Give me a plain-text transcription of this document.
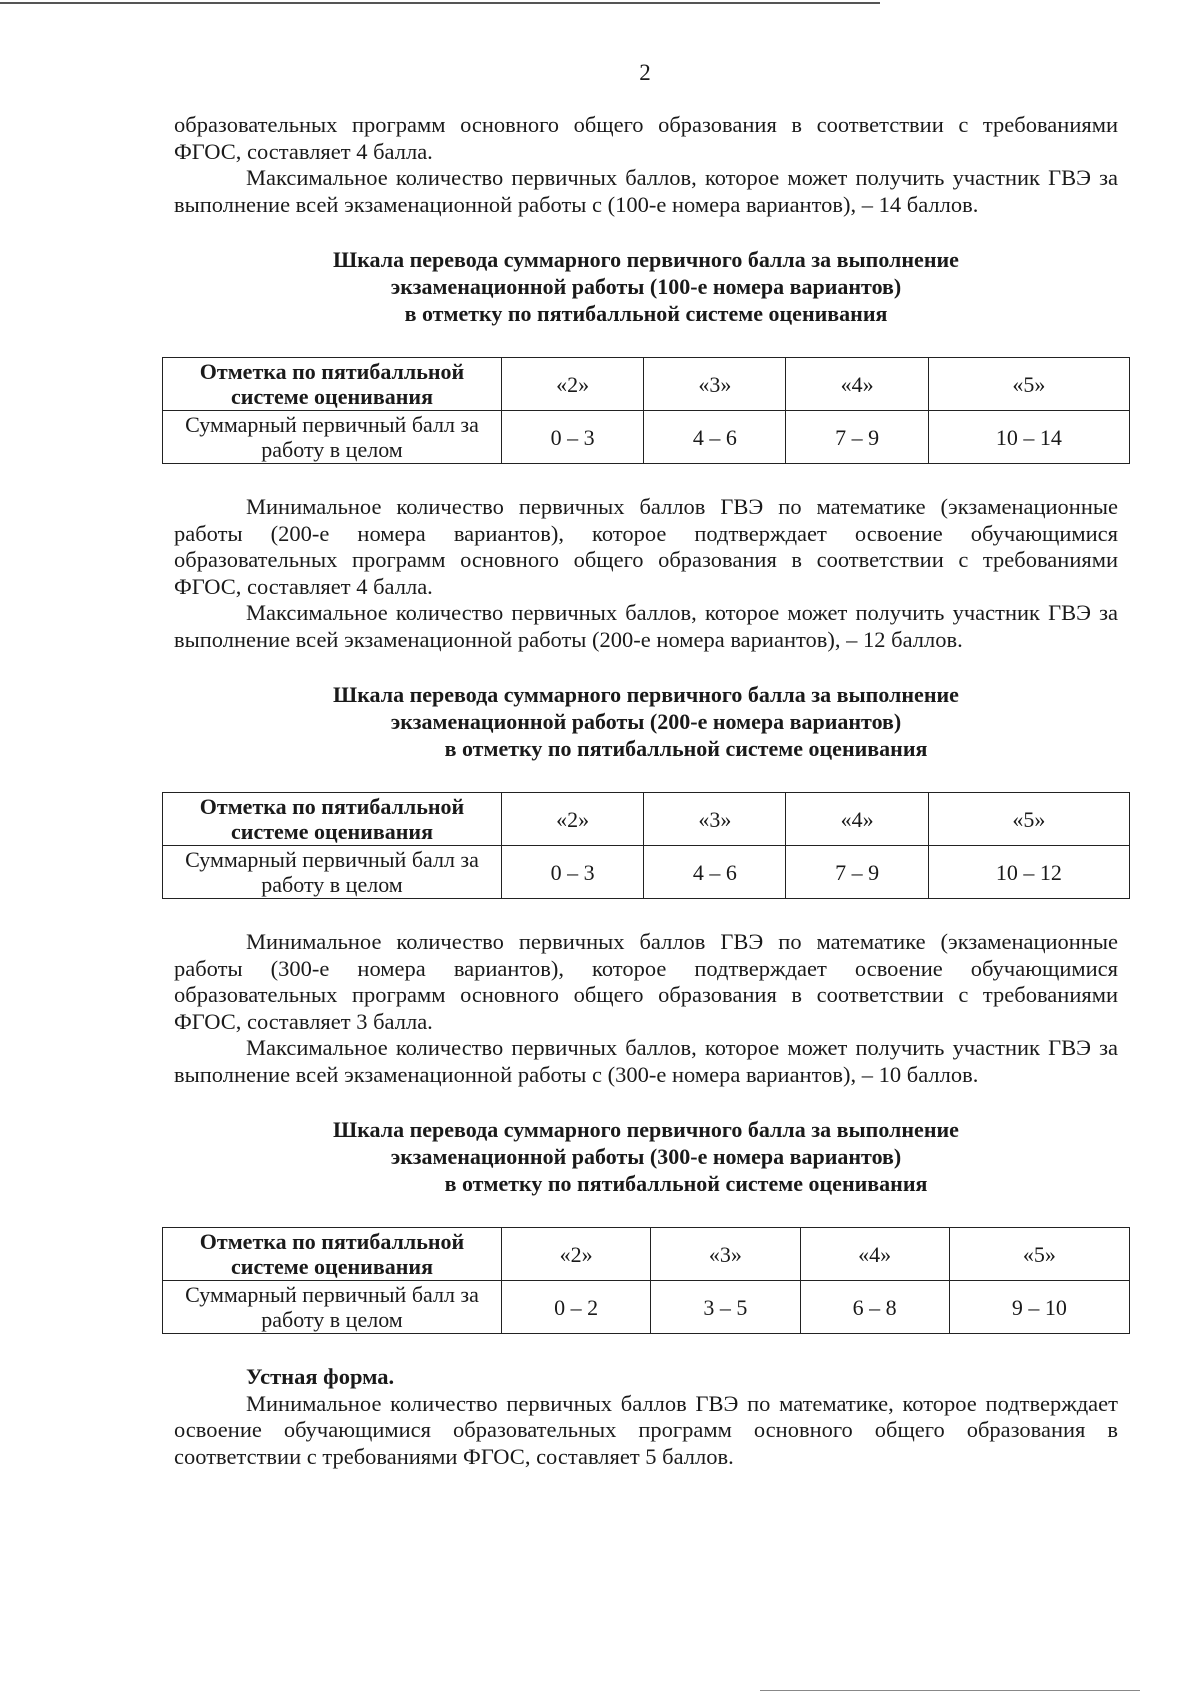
2

образовательных программ основного общего образования в соответствии с требованиями ФГОС, составляет 4 балла.

Максимальное количество первичных баллов, которое может получить участник ГВЭ за выполнение всей экзаменационной работы с (100-е номера вариантов), – 14 баллов.

Шкала перевода суммарного первичного балла за выполнение
экзаменационной работы (100-е номера вариантов)
в отметку по пятибалльной системе оценивания
Отметка по пятибалльной системе оценивания	«2»	«3»	«4»	«5»
Суммарный первичный балл за работу в целом	0 – 3	4 – 6	7 – 9	10 – 14

Минимальное количество первичных баллов ГВЭ по математике (экзаменационные работы (200-е номера вариантов), которое подтверждает освоение обучающимися образовательных программ основного общего образования в соответствии с требованиями ФГОС, составляет 4 балла.

Максимальное количество первичных баллов, которое может получить участник ГВЭ за выполнение всей экзаменационной работы (200-е номера вариантов), – 12 баллов.

Шкала перевода суммарного первичного балла за выполнение
экзаменационной работы (200-е номера вариантов)
в отметку по пятибалльной системе оценивания
Отметка по пятибалльной системе оценивания	«2»	«3»	«4»	«5»
Суммарный первичный балл за работу в целом	0 – 3	4 – 6	7 – 9	10 – 12

Минимальное количество первичных баллов ГВЭ по математике (экзаменационные работы (300-е номера вариантов), которое подтверждает освоение обучающимися образовательных программ основного общего образования в соответствии с требованиями ФГОС, составляет 3 балла.

Максимальное количество первичных баллов, которое может получить участник ГВЭ за выполнение всей экзаменационной работы с (300-е номера вариантов), – 10 баллов.

Шкала перевода суммарного первичного балла за выполнение
экзаменационной работы (300-е номера вариантов)
в отметку по пятибалльной системе оценивания
Отметка по пятибалльной системе оценивания	«2»	«3»	«4»	«5»
Суммарный первичный балл за работу в целом	0 – 2	3 – 5	6 – 8	9 – 10
Устная форма.

Минимальное количество первичных баллов ГВЭ по математике, которое подтверждает освоение обучающимися образовательных программ основного общего образования в соответствии с требованиями ФГОС, составляет 5 баллов.
